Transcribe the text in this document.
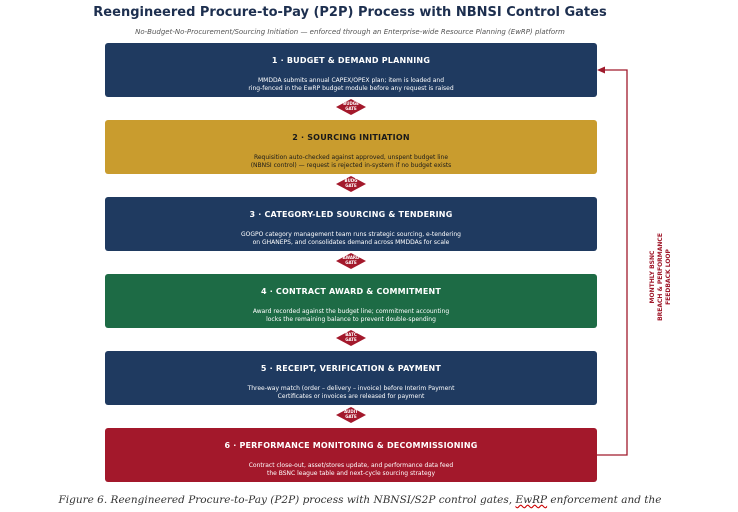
Reengineered Procure-to-Pay (P2P) Process with NBNSI Control Gates
No-Budget-No-Procurement/Sourcing Initiation — enforced through an Enterprise-wide Resource Planning (EwRP) platform
1 · BUDGET & DEMAND PLANNING
MMDDA submits annual CAPEX/OPEX plan; item is loaded and
ring-fenced in the EwRP budget module before any request is raised
2 · SOURCING INITIATION
Requisition auto-checked against approved, unspent budget line
(NBNSI control) — request is rejected in-system if no budget exists
3 · CATEGORY-LED SOURCING & TENDERING
GOGPO category management team runs strategic sourcing, e-tendering
on GHANEPS, and consolidates demand across MMDDAs for scale
4 · CONTRACT AWARD & COMMITMENT
Award recorded against the budget line; commitment accounting
locks the remaining balance to prevent double-spending
5 · RECEIPT, VERIFICATION & PAYMENT
Three-way match (order – delivery – invoice) before Interim Payment
Certificates or invoices are released for payment
6 · PERFORMANCE MONITORING & DECOMMISSIONING
Contract close-out, asset/stores update, and performance data feed
the BSNC league table and next-cycle sourcing strategy
BUDGE
GATE
BUDG
GATE
AWARD
GATE
BATC
GATE
AUDIT
GATE
MONTHLY BSNC BREACH & PERFORMANCE FEEDBACK LOOP
Figure 6. Reengineered Procure-to-Pay (P2P) process with NBNSI/S2P control gates, EwRP enforcement and the
